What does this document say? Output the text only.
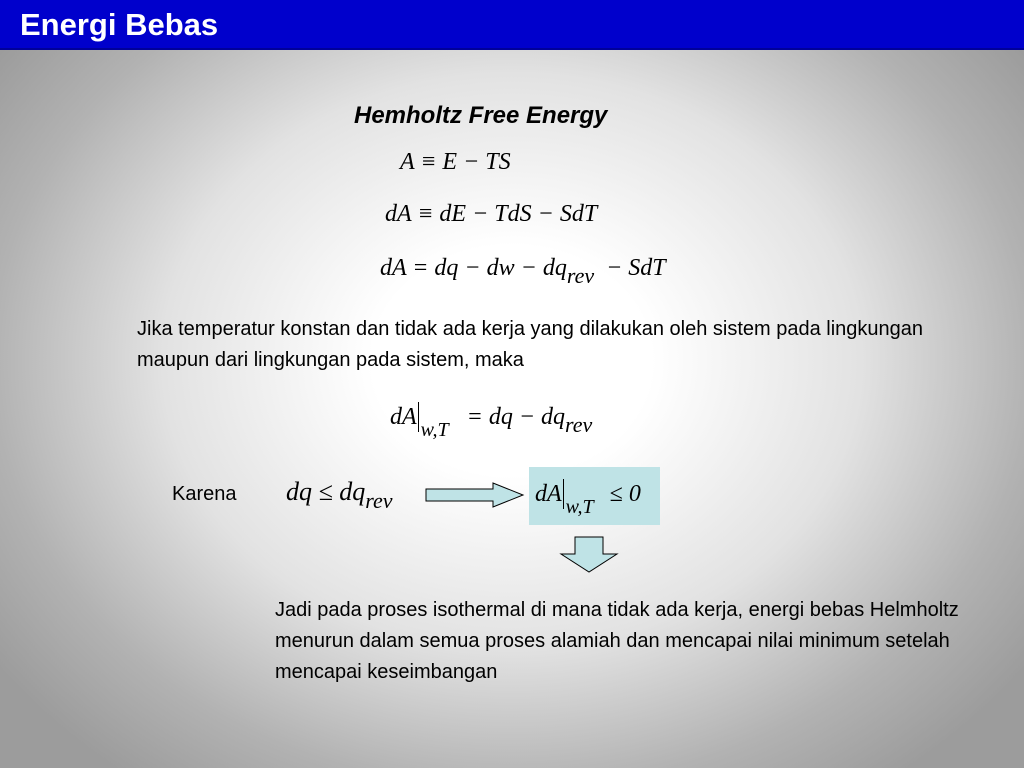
Energi Bebas
Hemholtz Free Energy
A ≡ E − TS
dA ≡ dE − TdS − SdT
dA = dq − dw − dqrev − SdT
Jika temperatur konstan dan tidak ada kerja yang dilakukan oleh sistem pada lingkungan maupun dari lingkungan pada sistem, maka
dA $_{w,T}$ = dq − dqrev
Karena dq ≤ $dq_{rev}$	dA $_{w,T}$ ≤ 0
Jadi pada proses isothermal di mana tidak ada kerja, energi bebas Helmholtz menurun dalam semua proses alamiah dan mencapai nilai minimum setelah mencapai keseimbangan
